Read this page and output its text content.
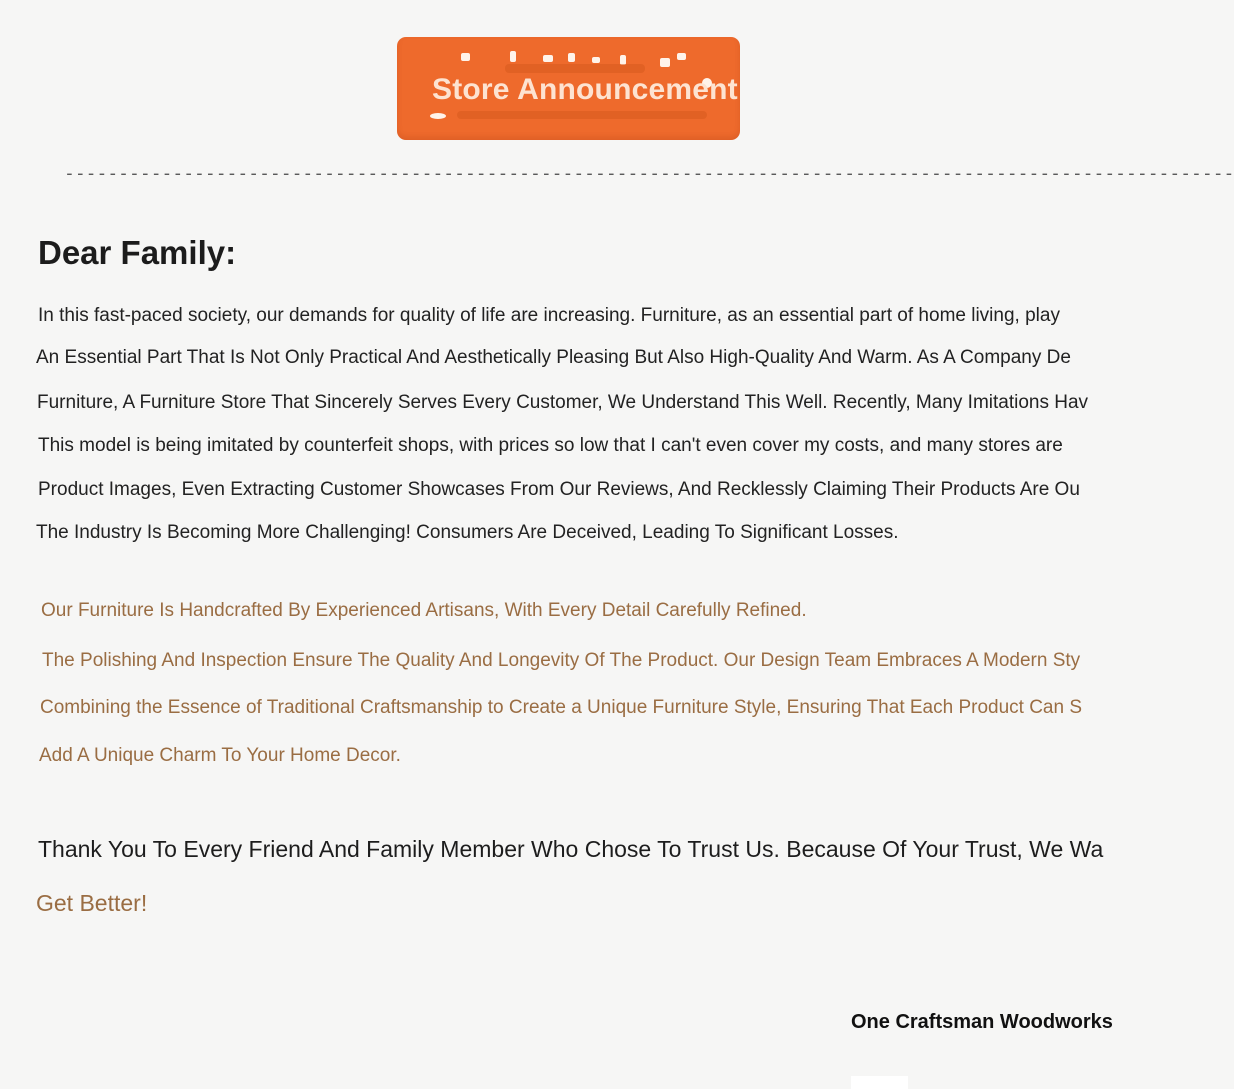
Store Announcement
------------------------------------------------------------------------------------------------------------
Dear Family:

In this fast-paced society, our demands for quality of life are increasing. Furniture, as an essential part of home living, play

An Essential Part That Is Not Only Practical And Aesthetically Pleasing But Also High-Quality And Warm. As A Company De

Furniture, A Furniture Store That Sincerely Serves Every Customer, We Understand This Well. Recently, Many Imitations Hav

This model is being imitated by counterfeit shops, with prices so low that I can't even cover my costs, and many stores are

Product Images, Even Extracting Customer Showcases From Our Reviews, And Recklessly Claiming Their Products Are Ou

The Industry Is Becoming More Challenging! Consumers Are Deceived, Leading To Significant Losses.

Our Furniture Is Handcrafted By Experienced Artisans, With Every Detail Carefully Refined.

The Polishing And Inspection Ensure The Quality And Longevity Of The Product. Our Design Team Embraces A Modern Sty

Combining the Essence of Traditional Craftsmanship to Create a Unique Furniture Style, Ensuring That Each Product Can S

Add A Unique Charm To Your Home Decor.

Thank You To Every Friend And Family Member Who Chose To Trust Us. Because Of Your Trust, We Wa

Get Better!

One Craftsman Woodworks
